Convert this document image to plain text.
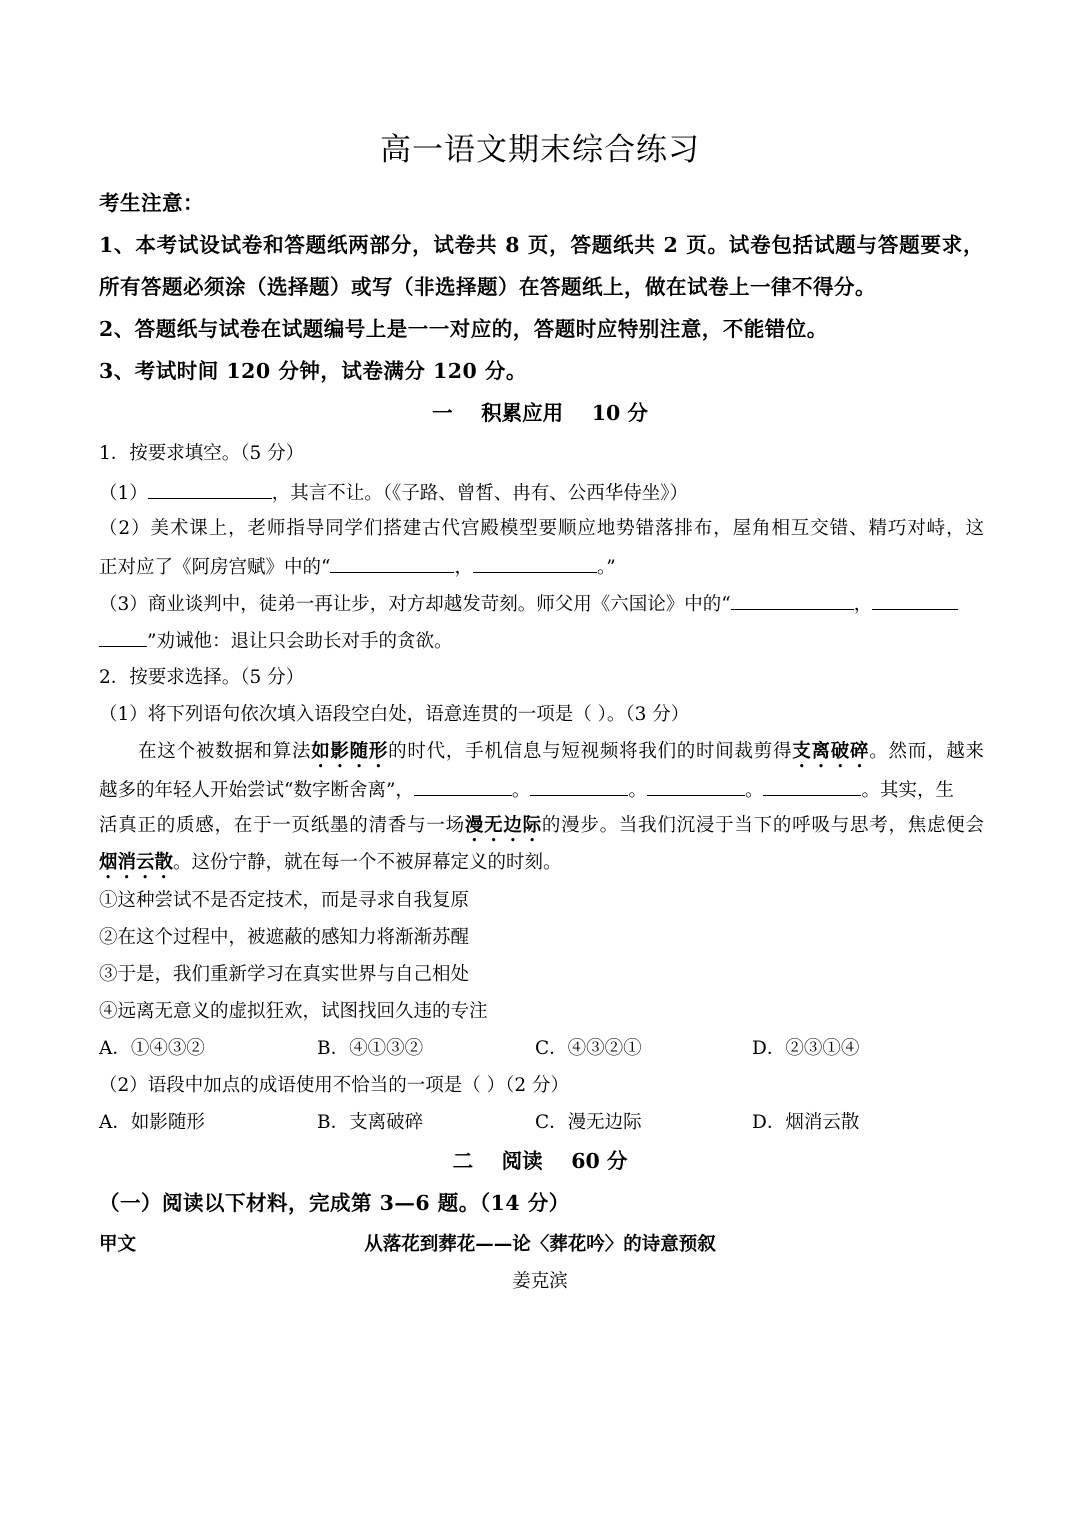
高一语文期末综合练习
考生注意：
1、本考试设试卷和答题纸两部分，试卷共 8 页，答题纸共 2 页。试卷包括试题与答题要求，
所有答题必须涂（选择题）或写（非选择题）在答题纸上，做在试卷上一律不得分。
2、答题纸与试卷在试题编号上是一一对应的，答题时应特别注意，不能错位。
3、考试时间 120 分钟，试卷满分 120 分。
一    积累应用    10 分
1．按要求填空。（5 分）
（1）	，其言不让。（《子路、曾皙、冉有、公西华侍坐》）
（2）美术课上，老师指导同学们搭建古代宫殿模型要顺应地势错落排布，屋角相互交错、精巧对峙，这
正对应了《阿房宫赋》中的“	，	。”
（3）商业谈判中，徒弟一再让步，对方却越发苛刻。师父用《六国论》中的“	，
”劝诫他：退让只会助长对手的贪欲。
2．按要求选择。（5 分）
（1）将下列语句依次填入语段空白处，语意连贯的一项是（ ）。（3 分）
在这个被数据和算法如影随形的时代，手机信息与短视频将我们的时间裁剪得支离破碎。然而，越来
越多的年轻人开始尝试“数字断舍离”，	。	。	。	。其实，生
活真正的质感，在于一页纸墨的清香与一场漫无边际的漫步。当我们沉浸于当下的呼吸与思考，焦虑便会
烟消云散。这份宁静，就在每一个不被屏幕定义的时刻。
①这种尝试不是否定技术，而是寻求自我复原
②在这个过程中，被遮蔽的感知力将渐渐苏醒
③于是，我们重新学习在真实世界与自己相处
④远离无意义的虚拟狂欢，试图找回久违的专注
A．①④③②	B．④①③②	C．④③②①	D．②③①④
（2）语段中加点的成语使用不恰当的一项是（ ）（2 分）
A．如影随形	B．支离破碎	C．漫无边际	D．烟消云散
二    阅读    60 分
（一）阅读以下材料，完成第 3—6 题。（14 分）
甲文	从落花到葬花——论〈葬花吟〉的诗意预叙
姜克滨
